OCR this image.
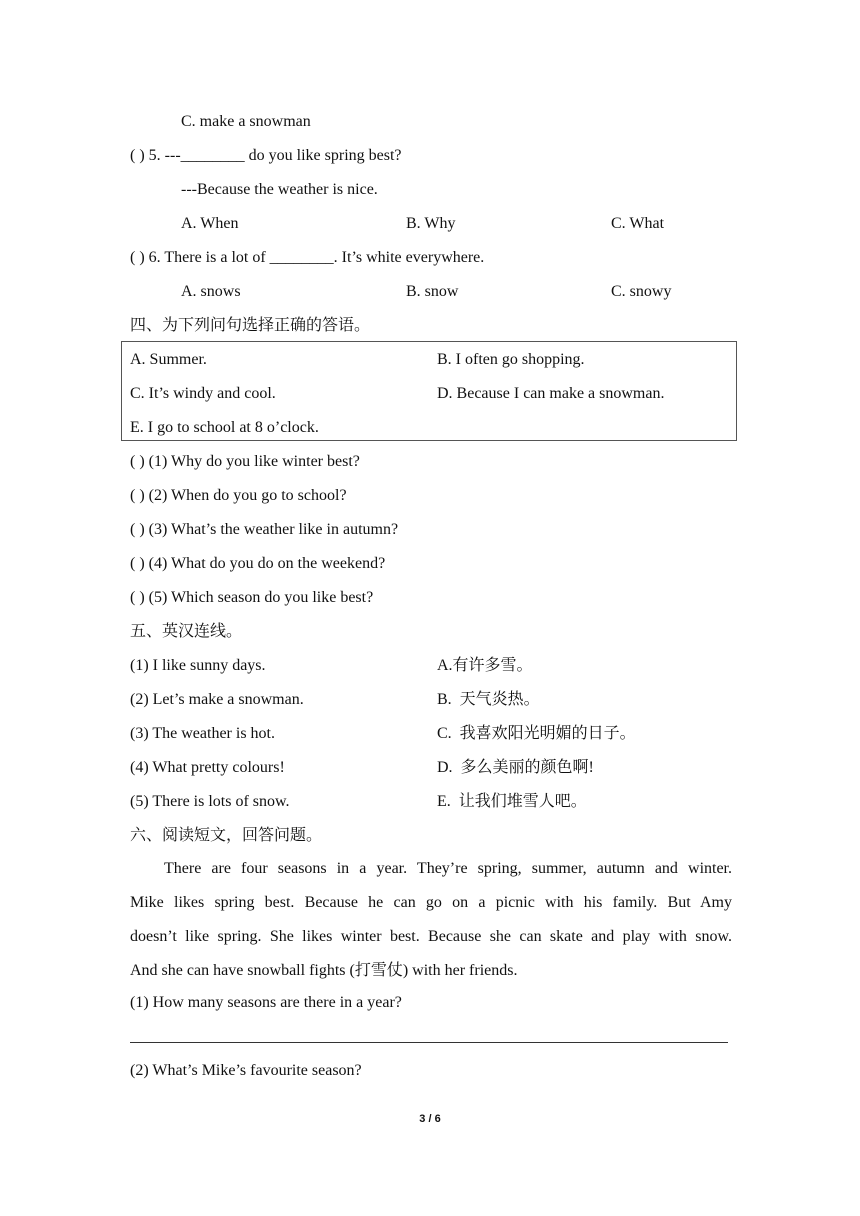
C. make a snowman
( ) 5. ---________ do you like spring best?
---Because the weather is nice.
A. When	B. Why	C. What
( ) 6. There is a lot of ________. It’s white everywhere.
A. snows	B. snow	C. snowy
四、为下列问句选择正确的答语。
A. Summer.	B. I often go shopping.
C. It’s windy and cool.	D. Because I can make a snowman.
E. I go to school at 8 o’clock.
( ) (1) Why do you like winter best?
( ) (2) When do you go to school?
( ) (3) What’s the weather like in autumn?
( ) (4) What do you do on the weekend?
( ) (5) Which season do you like best?
五、英汉连线。
(1) I like sunny days.	A.有许多雪。
(2) Let’s make a snowman.	B.  天气炎热。
(3) The weather is hot.	C.  我喜欢阳光明媚的日子。
(4) What pretty colours!	D.  多么美丽的颜色啊!
(5) There is lots of snow.	E.  让我们堆雪人吧。
六、阅读短文，回答问题。
There are four seasons in a year. They’re spring, summer, autumn and winter.
Mike likes spring best. Because he can go on a picnic with his family. But Amy
doesn’t like spring. She likes winter best. Because she can skate and play with snow.
And she can have snowball fights (打雪仗) with her friends.
(1) How many seasons are there in a year?
(2) What’s Mike’s favourite season?
3 / 6
